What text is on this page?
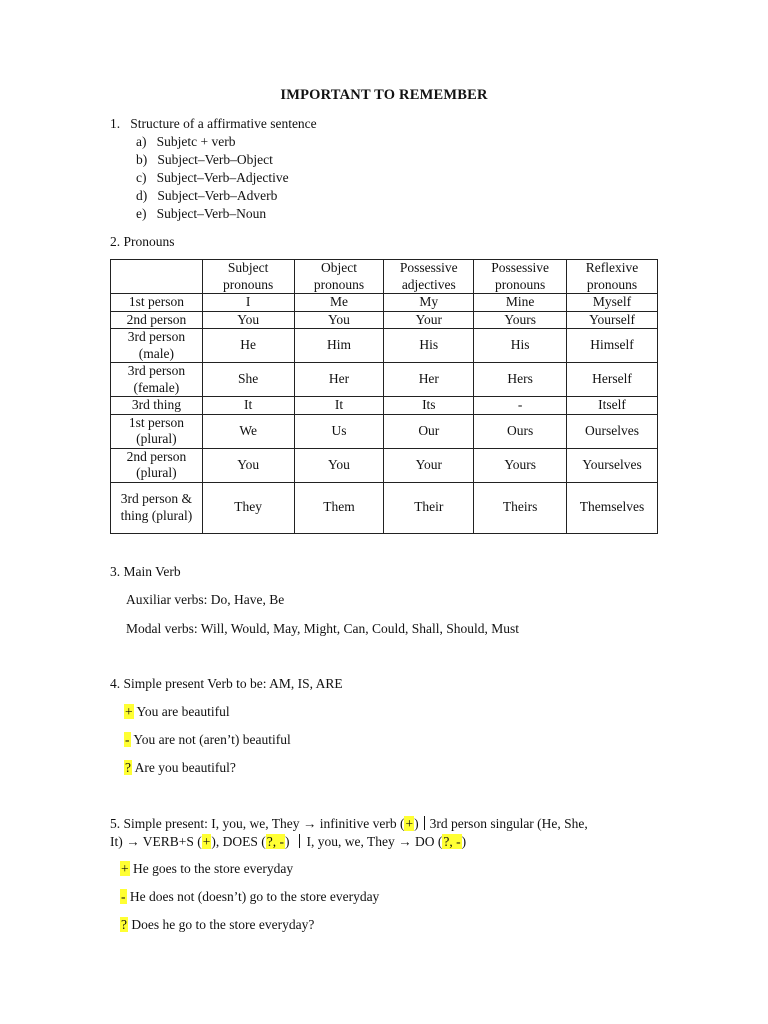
IMPORTANT TO REMEMBER
1.   Structure of a affirmative sentence
a)   Subjetc + verb
b)   Subject–Verb–Object
c)   Subject–Verb–Adjective
d)   Subject–Verb–Adverb
e)   Subject–Verb–Noun
2. Pronouns
	Subject pronouns	Object pronouns	Possessive adjectives	Possessive pronouns	Reflexive pronouns
1st person	I	Me	My	Mine	Myself
2nd person	You	You	Your	Yours	Yourself
3rd person (male)	He	Him	His	His	Himself
3rd person (female)	She	Her	Her	Hers	Herself
3rd thing	It	It	Its	-	Itself
1st person (plural)	We	Us	Our	Ours	Ourselves
2nd person (plural)	You	You	Your	Yours	Yourselves
3rd person & thing (plural)	They	Them	Their	Theirs	Themselves
3. Main Verb
Auxiliar verbs: Do, Have, Be
Modal verbs: Will, Would, May, Might, Can, Could, Shall, Should, Must
4. Simple present Verb to be: AM, IS, ARE
+ You are beautiful
- You are not (aren’t) beautiful
? Are you beautiful?
5. Simple present: I, you, we, They → infinitive verb (+) 3rd person singular (He, She,
It) → VERB+S (+), DOES (?, -) I, you, we, They → DO (?, -)
+ He goes to the store everyday
- He does not (doesn’t) go to the store everyday
? Does he go to the store everyday?
